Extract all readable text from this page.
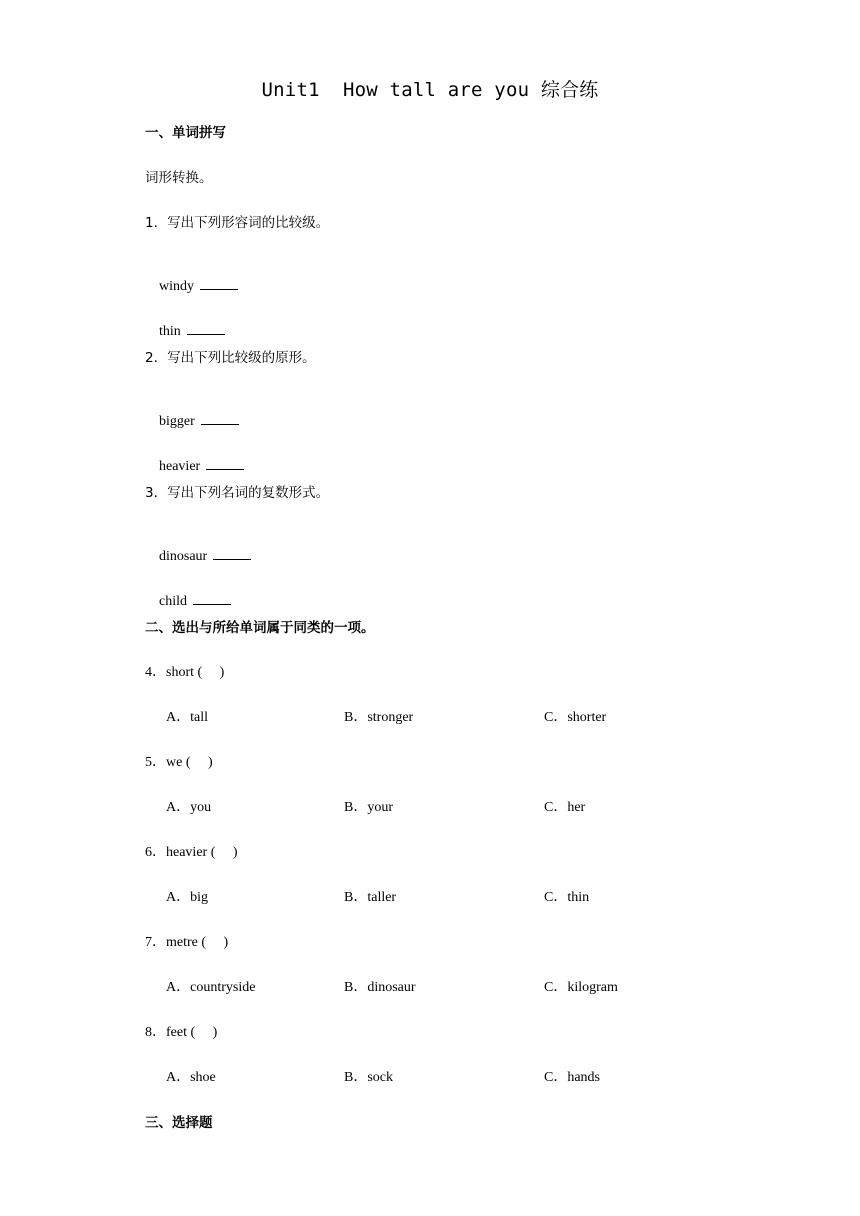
Unit1  How tall are you 综合练
一、单词拼写
词形转换。
1．写出下列形容词的比较级。

windy

thin

2．写出下列比较级的原形。

bigger

heavier

3．写出下列名词的复数形式。

dinosaur

child

二、选出与所给单词属于同类的一项。
4．short (     )
A．tall	B．stronger	C．shorter
5．we (     )
A．you	B．your	C．her
6．heavier (     )
A．big	B．taller	C．thin
7．metre (     )
A．countryside	B．dinosaur	C．kilogram
8．feet (     )
A．shoe	B．sock	C．hands
三、选择题
